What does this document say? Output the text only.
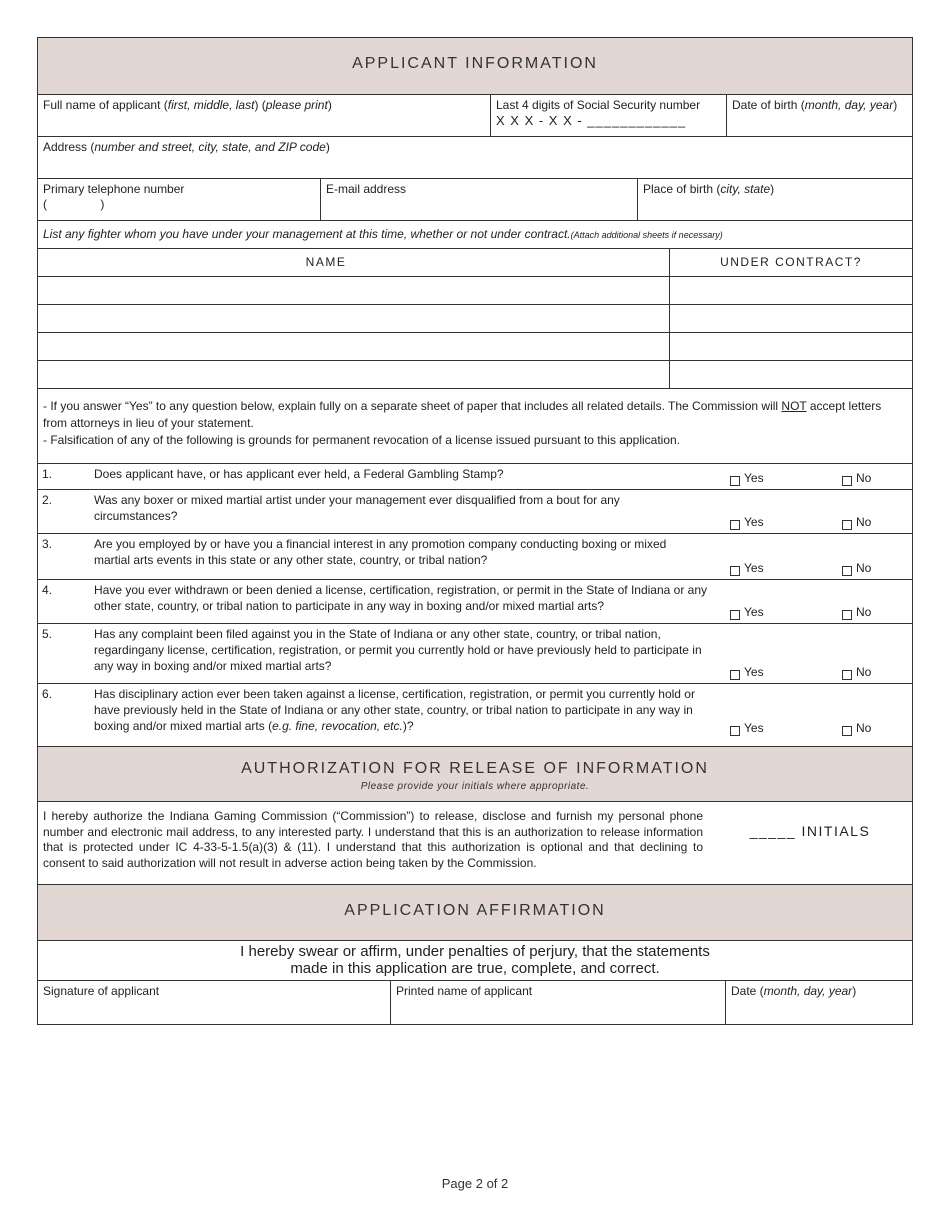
APPLICANT INFORMATION
Full name of applicant (first, middle, last) (please print)	Last 4 digits of Social Security number
X X X - X X - ____________
Date of birth (month, day, year)
Address (number and street, city, state, and ZIP code)
Primary telephone number
(                )
E-mail address	Place of birth (city, state)
List any fighter whom you have under your management at this time, whether or not under contract.(Attach additional sheets if necessary)
NAME	UNDER CONTRACT?
- If you answer “Yes” to any question below, explain fully on a separate sheet of paper that includes all related details. The Commission will NOT accept letters from attorneys in lieu of your statement.
- Falsification of any of the following is grounds for permanent revocation of a license issued pursuant to this application.
1.	Does applicant have, or has applicant ever held, a Federal Gambling Stamp?	Yes	No
2.	Was any boxer or mixed martial artist under your management ever disqualified from a bout for any circumstances?	Yes	No
3.	Are you employed by or have you a financial interest in any promotion company conducting boxing or mixed martial arts events in this state or any other state, country, or tribal nation?
Yes	No
4.	Have you ever withdrawn or been denied a license, certification, registration, or permit in the State of Indiana or any other state, country, or tribal nation to participate in any way in boxing and/or mixed martial arts?	Yes	No
5.	Has any complaint been filed against you in the State of Indiana or any other state, country, or tribal nation, regardingany license, certification, registration, or permit you currently hold or have previously held to participate in any way in boxing and/or mixed martial arts?	Yes	No
6.	Has disciplinary action ever been taken against a license, certification, registration, or permit you currently hold or have previously held in the State of Indiana or any other state, country, or tribal nation to participate in any way in boxing and/or mixed martial arts (e.g. fine, revocation, etc.)?	Yes	No
AUTHORIZATION FOR RELEASE OF INFORMATION
Please provide your initials where appropriate.
I hereby authorize the Indiana Gaming Commission (“Commission”) to release, disclose and furnish my personal phone number and electronic mail address, to any interested party. I understand that this is an authorization to release information that is protected under IC 4-33-5-1.5(a)(3) & (11). I understand that this authorization is optional and that declining to consent to said authorization will not result in adverse action being taken by the Commission.
_____ INITIALS
APPLICATION AFFIRMATION
I hereby swear or affirm, under penalties of perjury, that the statements
made in this application are true, complete, and correct.
Signature of applicant	Printed name of applicant	Date (month, day, year)
Page 2 of 2
